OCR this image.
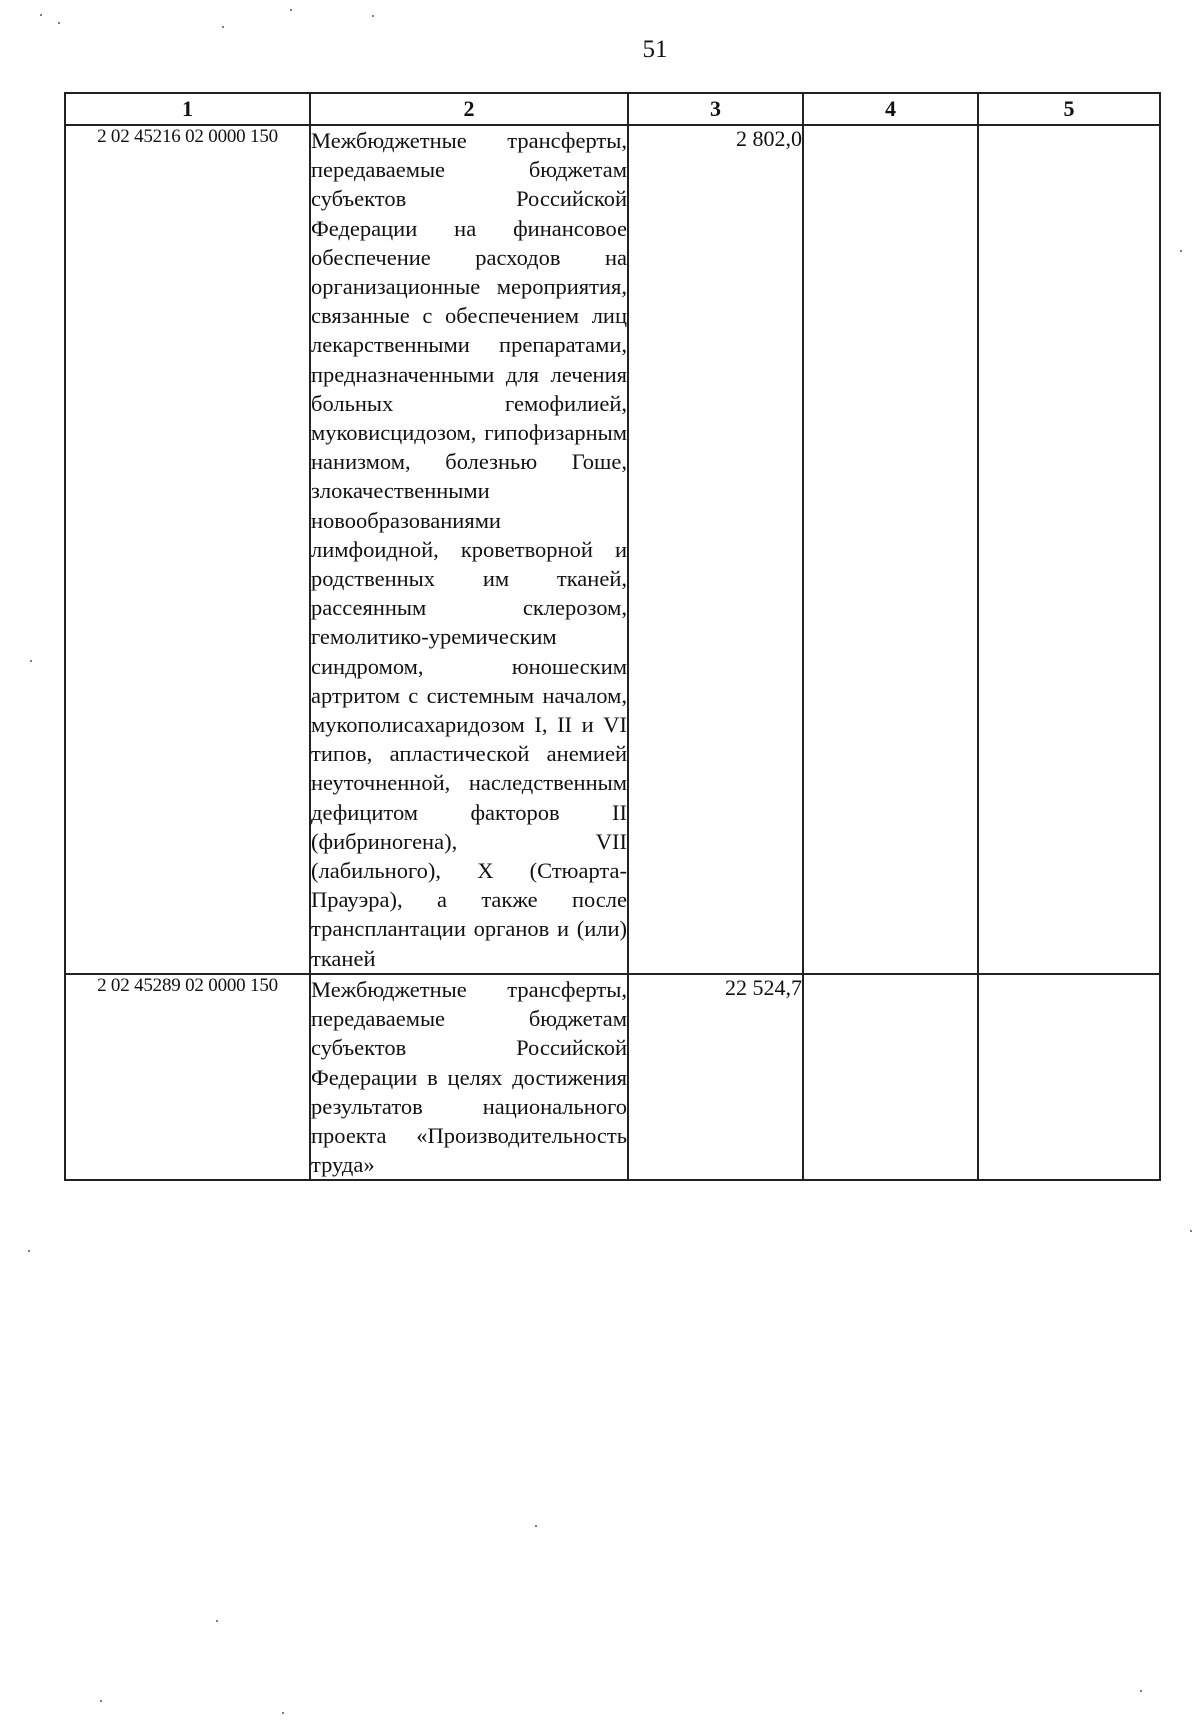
51
1	2	3	4	5
2 02 45216 02 0000 150	Межбюджетные трансферты, передаваемые бюджетам субъектов Российской Федерации на финансовое обеспечение расходов на организационные мероприятия, связанные с обеспечением лиц лекарственными препаратами, предназначенными для лечения больных гемофилией, муковисцидозом, гипофизарным нанизмом, болезнью Гоше, злокачественными новообразованиями лимфоидной, кроветворной и родственных им тканей, рассеянным склерозом, гемолитико-уремическим синдромом, юношеским артритом с системным началом, мукополисахаридозом I, II и VI типов, апластической анемией неуточненной, наследственным дефицитом факторов II (фибриногена), VII (лабильного), X (Стюарта-Прауэра), а также после трансплантации органов и (или) тканей	2 802,0		
2 02 45289 02 0000 150	Межбюджетные трансферты, передаваемые бюджетам субъектов Российской Федерации в целях достижения результатов национального проекта «Производительность труда»	22 524,7		
